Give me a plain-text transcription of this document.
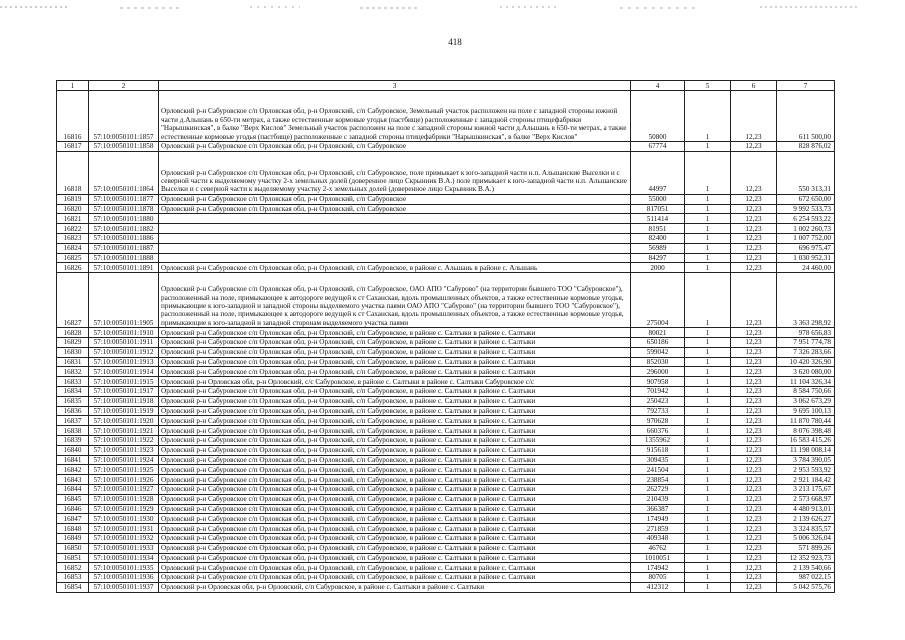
418
1	2	3	4	5	6	7
16816	57:10:0050101:1857	Орловский р-н Сабуровское с/п Орловская обл, р-н Орловский, с/п Сабуровское, Земельный участок расположен на поле с западной стороны южной части д.Альшань в 650-ти метрах, а также естественные кормовые угодья (пастбище) расположенные с западной стороны птицефабрики "Нарышкинская", в балке "Верх Кислов" Земельный участок расположен на поле с западной стороны южной части д.Альшань в 650-ти метрах, а также естественные кормовые угодья (пастбище) расположенные с западной стороны птицефабрики "Нарышкинская", в балке "Верх Кислов"	50800	1	12,23	611 500,00
16817	57:10:0050101:1858	Орловский р-н Сабуровское с/п Орловская обл, р-н Орловский, с/п Сабуровское	67774	1	12,23	828 876,02
16818	57:10:0050101:1864	Орловский р-н Сабуровское с/п Орловская обл, р-н Орловский, с/п Сабуровское, поле примыкает к юго-западной части н.п. Альшанские Выселки и с северной части к выделяемому участку 2-х земельных долей (доверенное лицо Скрынник В.А.) поле примыкает к юго-западной части н.п. Альшанские Выселки и с северной части к выделяемому участку 2-х земельных долей (доверенное лицо Скрынник В.А.)	44997	1	12,23	550 313,31
16819	57:10:0050101:1877	Орловский р-н Сабуровское с/п Орловская обл, р-н Орловский, с/п Сабуровское	55000	1	12,23	672 650,00
16820	57:10:0050101:1878	Орловский р-н Сабуровское с/п Орловская обл, р-н Орловский, с/п Сабуровское	817051	1	12,23	9 992 533,73
16821	57:10:0050101:1880		511414	1	12,23	6 254 593,22
16822	57:10:0050101:1882		81951	1	12,23	1 002 260,73
16823	57:10:0050101:1886		82400	1	12,23	1 007 752,00
16824	57:10:0050101:1887		56989	1	12,23	696 975,47
16825	57:10:0050101:1888		84297	1	12,23	1 030 952,31
16826	57:10:0050101:1891	Орловский р-н Сабуровское с/п Орловская обл, р-н Орловский, с/п Сабуровское, в районе с. Альшань в районе с. Альшань	2000	1	12,23	24 460,00
16827	57:10:0050101:1905	Орловский р-н Сабуровское с/п Орловская обл, р-н Орловский, с/п Сабуровское, ОАО АПО "Сабурово" (на территории бывшего ТОО "Сабуровское"), расположенный на поле, примыкающее к автодороге ведущей к ст Саханская, вдоль промышленных объектов, а также естественные кормовые угодья, примыкающие к юго-западной и западной стороны выделяемого участка паями ОАО АПО "Сабурово" (на территории бывшего ТОО "Сабуровское"), расположенный на поле, примыкающее к автодороге ведущей к ст Саханская, вдоль промышленных объектов, а также естественные кормовые угодья, примыкающие к юго-западной и западной сторонам выделяемого участка паями	275004	1	12,23	3 363 298,92
16828	57:10:0050101:1910	Орловский р-н Сабуровское с/п Орловская обл, р-н Орловский, с/п Сабуровское, в районе с. Салтыки в районе с. Салтыки	80021	1	12,23	978 656,83
16829	57:10:0050101:1911	Орловский р-н Сабуровское с/п Орловская обл, р-н Орловский, с/п Сабуровское, в районе с. Салтыки в районе с. Салтыки	650186	1	12,23	7 951 774,78
16830	57:10:0050101:1912	Орловский р-н Сабуровское с/п Орловская обл, р-н Орловский, с/п Сабуровское, в районе с. Салтыки в районе с. Салтыки	599042	1	12,23	7 326 283,66
16831	57:10:0050101:1913	Орловский р-н Сабуровское с/п Орловская обл, р-н Орловский, с/п Сабуровское, в районе с. Салтыки в районе с. Салтыки	852030	1	12,23	10 420 326,90
16832	57:10:0050101:1914	Орловский р-н Сабуровское с/п Орловская обл, р-н Орловский, с/п Сабуровское, в районе с. Салтыки в районе с. Салтыки	296000	1	12,23	3 620 080,00
16833	57:10:0050101:1915	Орловский р-н Орловская обл, р-н Орловский, с/с Сабуровское, в районе с. Салтыки в районе с. Салтыки Сабуровское с/с	907958	1	12,23	11 104 326,34
16834	57:10:0050101:1917	Орловский р-н Сабуровское с/п Орловская обл, р-н Орловский, с/п Сабуровское, в районе с. Салтыки в районе с. Салтыки	701942	1	12,23	8 584 750,66
16835	57:10:0050101:1918	Орловский р-н Сабуровское с/п Орловская обл, р-н Орловский, с/п Сабуровское, в районе с. Салтыки в районе с. Салтыки	250423	1	12,23	3 062 673,29
16836	57:10:0050101:1919	Орловский р-н Сабуровское с/п Орловская обл, р-н Орловский, с/п Сабуровское, в районе с. Салтыки в районе с. Салтыки	792733	1	12,23	9 695 100,13
16837	57:10:0050101:1920	Орловский р-н Сабуровское с/п Орловская обл, р-н Орловский, с/п Сабуровское, в районе с. Салтыки в районе с. Салтыки	970628	1	12,23	11 870 780,44
16838	57:10:0050101:1921	Орловский р-н Сабуровское с/п Орловская обл, р-н Орловский, с/п Сабуровское, в районе с. Салтыки в районе с. Салтыки	660376	1	12,23	8 076 398,48
16839	57:10:0050101:1922	Орловский р-н Сабуровское с/п Орловская обл, р-н Орловский, с/п Сабуровское, в районе с. Салтыки в районе с. Салтыки	1355962	1	12,23	16 583 415,26
16840	57:10:0050101:1923	Орловский р-н Сабуровское с/п Орловская обл, р-н Орловский, с/п Сабуровское, в районе с. Салтыки в районе с. Салтыки	915618	1	12,23	11 198 008,14
16841	57:10:0050101:1924	Орловский р-н Сабуровское с/п Орловская обл, р-н Орловский, с/п Сабуровское, в районе с. Салтыки в районе с. Салтыки	309435	1	12,23	3 784 390,05
16842	57:10:0050101:1925	Орловский р-н Сабуровское с/п Орловская обл, р-н Орловский, с/п Сабуровское, в районе с. Салтыки в районе с. Салтыки	241504	1	12,23	2 953 593,92
16843	57:10:0050101:1926	Орловский р-н Сабуровское с/п Орловская обл, р-н Орловский, с/п Сабуровское, в районе с. Салтыки в районе с. Салтыки	238854	1	12,23	2 921 184,42
16844	57:10:0050101:1927	Орловский р-н Сабуровское с/п Орловская обл, р-н Орловский, с/п Сабуровское, в районе с. Салтыки в районе с. Салтыки	262729	1	12,23	3 213 175,67
16845	57:10:0050101:1928	Орловский р-н Сабуровское с/п Орловская обл, р-н Орловский, с/п Сабуровское, в районе с. Салтыки в районе с. Салтыки	210439	1	12,23	2 573 668,97
16846	57:10:0050101:1929	Орловский р-н Сабуровское с/п Орловская обл, р-н Орловский, с/п Сабуровское, в районе с. Салтыки в районе с. Салтыки	366387	1	12,23	4 480 913,01
16847	57:10:0050101:1930	Орловский р-н Сабуровское с/п Орловская обл, р-н Орловский, с/п Сабуровское, в районе с. Салтыки в районе с. Салтыки	174949	1	12,23	2 139 626,27
16848	57:10:0050101:1931	Орловский р-н Сабуровское с/п Орловская обл, р-н Орловский, с/п Сабуровское, в районе с. Салтыки в районе с. Салтыки	271859	1	12,23	3 324 835,57
16849	57:10:0050101:1932	Орловский р-н Сабуровское с/п Орловская обл, р-н Орловский, с/п Сабуровское, в районе с. Салтыки в районе с. Салтыки	409348	1	12,23	5 006 326,04
16850	57:10:0050101:1933	Орловский р-н Сабуровское с/п Орловская обл, р-н Орловский, с/п Сабуровское, в районе с. Салтыки в районе с. Салтыки	46762	1	12,23	571 899,26
16851	57:10:0050101:1934	Орловский р-н Сабуровское с/п Орловская обл, р-н Орловский, с/п Сабуровское, в районе с. Салтыки в районе с. Салтыки	1010051	1	12,23	12 352 923,73
16852	57:10:0050101:1935	Орловский р-н Сабуровское с/п Орловская обл, р-н Орловский, с/п Сабуровское, в районе с. Салтыки в районе с. Салтыки	174942	1	12,23	2 139 540,66
16853	57:10:0050101:1936	Орловский р-н Сабуровское с/п Орловская обл, р-н Орловский, с/п Сабуровское, в районе с. Салтыки в районе с. Салтыки	80705	1	12,23	987 022,15
16854	57:10:0050101:1937	Орловский р-н Орловская обл, р-н Орловский, с/п Сабуровское, в районе с. Салтыки в районе с. Салтыки	412312	1	12,23	5 042 575,76
